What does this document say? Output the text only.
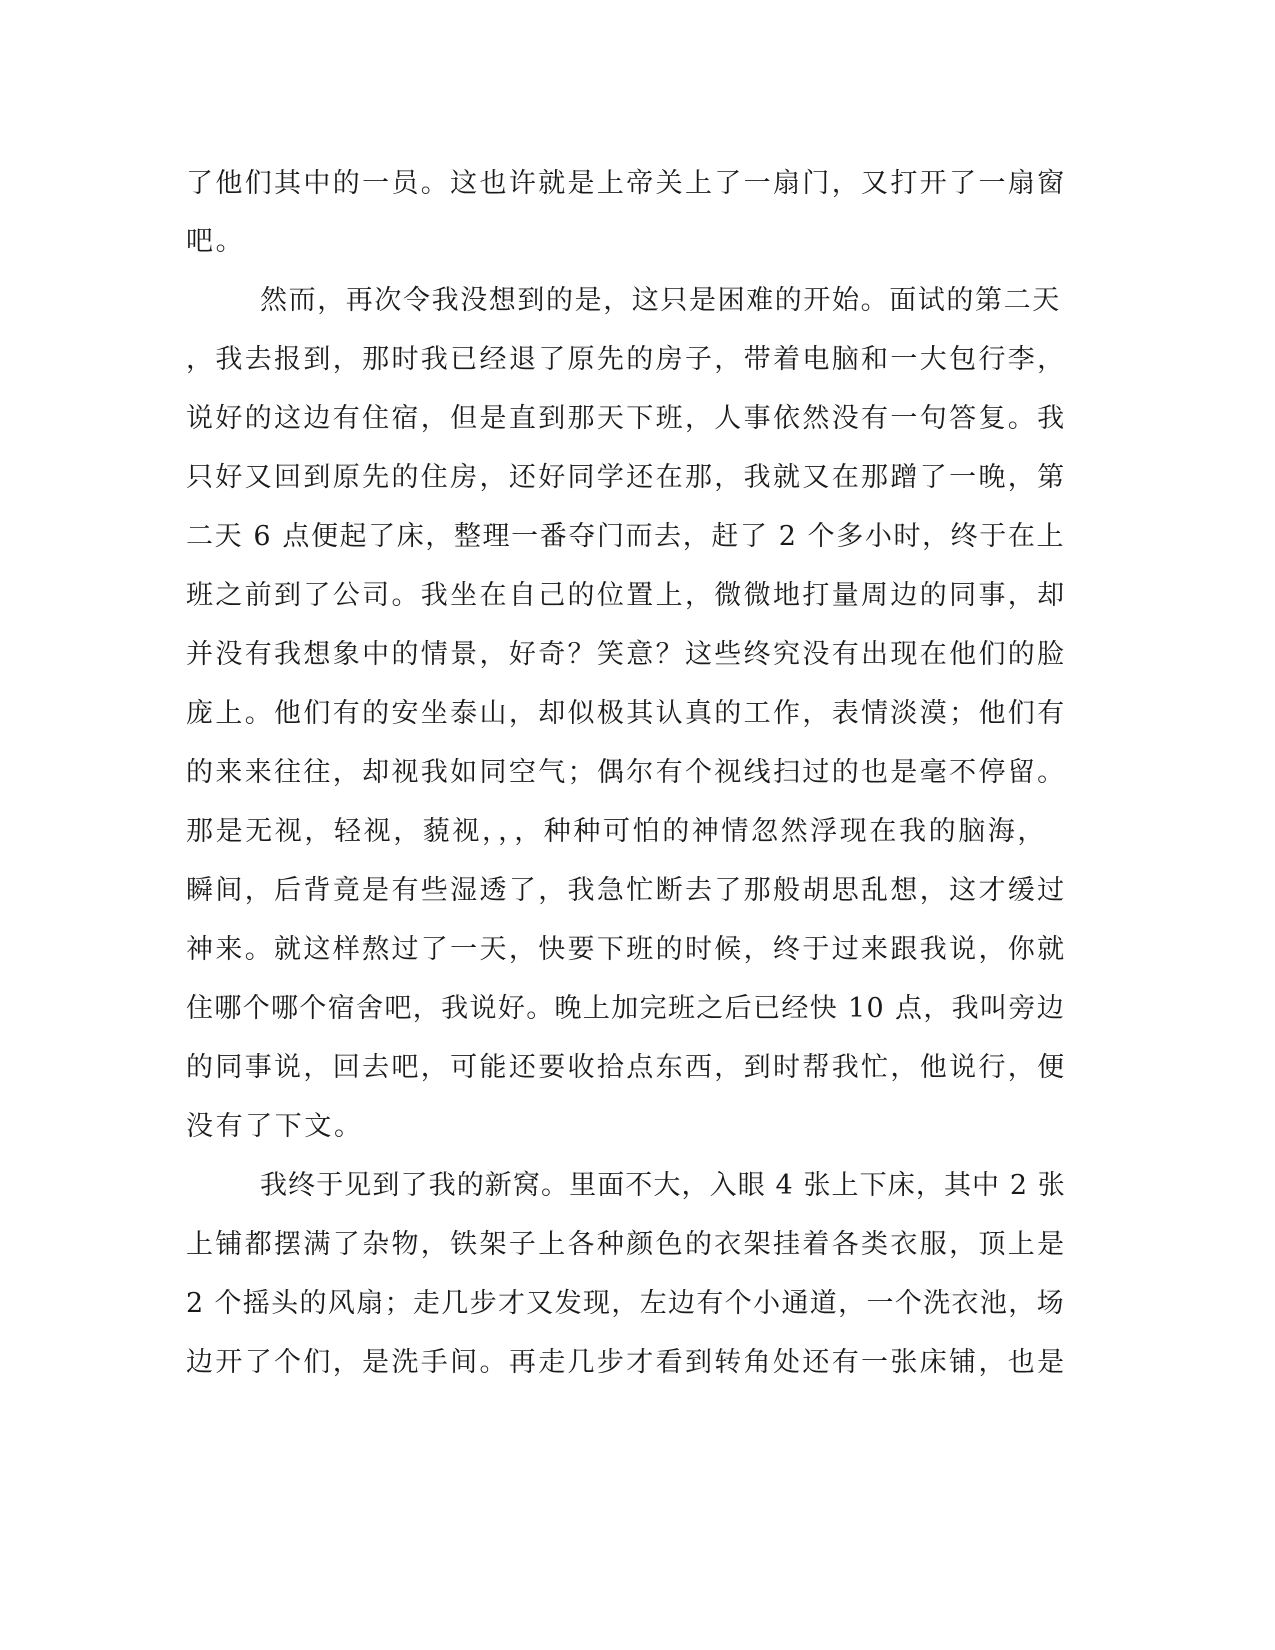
了他们其中的一员。这也许就是上帝关上了一扇门，又打开了一扇窗
吧。
然而，再次令我没想到的是，这只是困难的开始。面试的第二天
，我去报到，那时我已经退了原先的房子，带着电脑和一大包行李，
说好的这边有住宿，但是直到那天下班，人事依然没有一句答复。我
只好又回到原先的住房，还好同学还在那，我就又在那蹭了一晚，第
二天 6 点便起了床，整理一番夺门而去，赶了 2 个多小时，终于在上
班之前到了公司。我坐在自己的位置上，微微地打量周边的同事，却
并没有我想象中的情景，好奇？笑意？这些终究没有出现在他们的脸
庞上。他们有的安坐泰山，却似极其认真的工作，表情淡漠；他们有
的来来往往，却视我如同空气；偶尔有个视线扫过的也是毫不停留。
那是无视，轻视，藐视，，，种种可怕的神情忽然浮现在我的脑海，
瞬间，后背竟是有些湿透了，我急忙断去了那般胡思乱想，这才缓过
神来。就这样熬过了一天，快要下班的时候，终于过来跟我说，你就
住哪个哪个宿舍吧，我说好。晚上加完班之后已经快 10 点，我叫旁边
的同事说，回去吧，可能还要收拾点东西，到时帮我忙，他说行，便
没有了下文。
我终于见到了我的新窝。里面不大，入眼 4 张上下床，其中 2 张
上铺都摆满了杂物，铁架子上各种颜色的衣架挂着各类衣服，顶上是
2 个摇头的风扇；走几步才又发现，左边有个小通道，一个洗衣池，场
边开了个们，是洗手间。再走几步才看到转角处还有一张床铺，也是
